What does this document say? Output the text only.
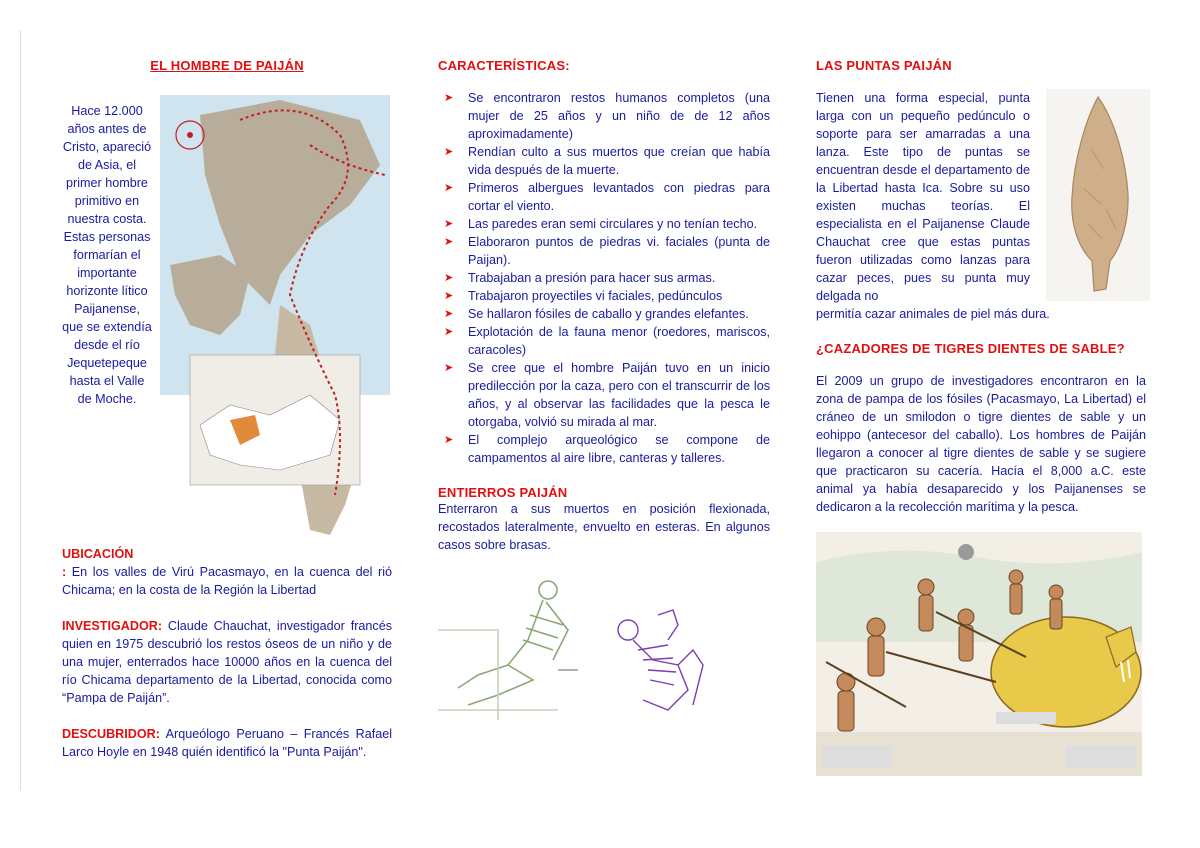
EL HOMBRE DE PAIJÁN

Hace 12.000 años antes de Cristo, apareció de Asia, el primer hombre primitivo en nuestra costa. Estas personas formarían el importante horizonte lítico Paijanense, que se extendía desde el río Jequetepeque hasta el Valle de Moche.

UBICACIÓN
: En los valles de Virú Pacasmayo, en la cuenca del rió Chicama; en la costa de la Región la Libertad

INVESTIGADOR: Claude Chauchat, investigador francés quien en 1975 descubrió los restos óseos de un niño y de una mujer, enterrados hace 10000 años en la cuenca del río Chicama departamento de la Libertad, conocida como “Pampa de Paiján”.

DESCUBRIDOR: Arqueólogo Peruano – Francés Rafael Larco Hoyle en 1948 quién identificó la "Punta Paiján".

CARACTERÍSTICAS:
➤ Se encontraron restos humanos completos (una mujer de 25 años y un niño de de 12 años aproximadamente)
➤ Rendían culto a sus muertos que creían que había vida después de la muerte.
➤ Primeros albergues levantados con piedras para cortar el viento.
➤ Las paredes eran semi circulares y no tenían techo.
➤ Elaboraron puntos de piedras vi. faciales (punta de Paijan).
➤ Trabajaban a presión para hacer sus armas.
➤ Trabajaron proyectiles vi faciales, pedúnculos
➤ Se hallaron fósiles de caballo y grandes elefantes.
➤ Explotación de la fauna menor (roedores, mariscos, caracoles)
➤ Se cree que el hombre Paiján tuvo en un inicio predilección por la caza, pero con el transcurrir de los años, y al observar las facilidades que la pesca le otorgaba, volvió su mirada al mar.
➤ El complejo arqueológico se compone de campamentos al aire libre, canteras y talleres.
ENTIERROS PAIJÁN

Enterraron a sus muertos en posición flexionada, recostados lateralmente, envuelto en esteras. En algunos casos sobre brasas.

LAS PUNTAS PAIJÁN

Tienen una forma especial, punta larga con un pequeño pedúnculo o soporte para ser amarradas a una lanza. Este tipo de puntas se encuentran desde el departamento de la Libertad hasta Ica. Sobre su uso existen muchas teorías. El especialista en el Paijanense Claude Chauchat cree que estas puntas fueron utilizadas como lanzas para cazar peces, pues su punta muy delgada no

permitía cazar animales de piel más dura.

¿CAZADORES DE TIGRES DIENTES DE SABLE?

El 2009 un grupo de investigadores encontraron en la zona de pampa de los fósiles (Pacasmayo, La Libertad) el cráneo de un smilodon o tigre dientes de sable y un eohippo (antecesor del caballo). Los hombres de Paiján llegaron a conocer al tigre dientes de sable y se sugiere que practicaron su cacería. Hacía el 8,000 a.C. este animal ya había desaparecido y los Paijanenses se dedicaron a la recolección marítima y la pesca.
